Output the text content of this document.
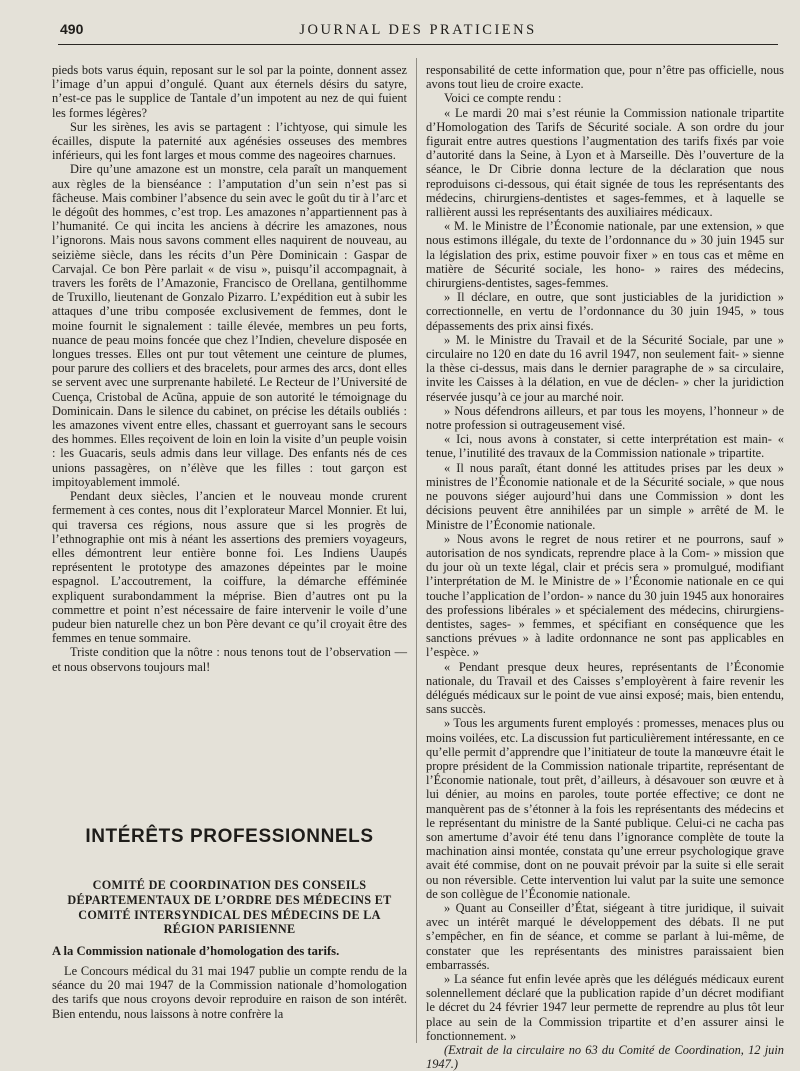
490	JOURNAL DES PRATICIENS

pieds bots varus équin, reposant sur le sol par la pointe, donnent assez l’image d’un appui d’ongulé. Quant aux éternels désirs du satyre, n’est-ce pas le supplice de Tantale d’un impotent au nez de qui fuient les formes légères?

Sur les sirènes, les avis se partagent : l’ichtyose, qui simule les écailles, dispute la paternité aux agénésies osseuses des membres inférieurs, qui les font larges et mous comme des nageoires charnues.

Dire qu’une amazone est un monstre, cela paraît un manquement aux règles de la bienséance : l’amputation d’un sein n’est pas si fâcheuse. Mais combiner l’absence du sein avec le goût du tir à l’arc et le dégoût des hommes, c’est trop. Les amazones n’appartiennent pas à l’humanité. Ce qui incita les anciens à décrire les amazones, nous l’ignorons. Mais nous savons comment elles naquirent de nouveau, au seizième siècle, dans les récits d’un Père Dominicain : Gaspar de Carvajal. Ce bon Père parlait « de visu », puisqu’il accompagnait, à travers les forêts de l’Amazonie, Francisco de Orellana, gentilhomme de Truxillo, lieutenant de Gonzalo Pizarro. L’expédition eut à subir les attaques d’une tribu composée exclusivement de femmes, dont le moine fournit le signalement : taille élevée, membres un peu forts, nuance de peau moins foncée que chez l’Indien, chevelure disposée en longues tresses. Elles ont pur tout vêtement une ceinture de plumes, pour parure des colliers et des bracelets, pour armes des arcs, dont elles se servent avec une surprenante habileté. Le Recteur de l’Université de Cuença, Cristobal de Acũna, appuie de son autorité le témoignage du Dominicain. Dans le silence du cabinet, on précise les détails oubliés : les amazones vivent entre elles, chassant et guerroyant sans le secours des hommes. Elles reçoivent de loin en loin la visite d’un peuple voisin : les Guacaris, seuls admis dans leur village. Des enfants nés de ces unions passagères, on n’élève que les filles : tout garçon est impitoyablement immolé.

Pendant deux siècles, l’ancien et le nouveau monde crurent fermement à ces contes, nous dit l’explorateur Marcel Monnier. Et lui, qui traversa ces régions, nous assure que si les progrès de l’ethnographie ont mis à néant les assertions des premiers voyageurs, elles démontrent leur entière bonne foi. Les Indiens Uaupés représentent le prototype des amazones dépeintes par le moine espagnol. L’accoutrement, la coiffure, la démarche efféminée expliquent surabondamment la méprise. Bien d’autres ont pu la commettre et point n’est nécessaire de faire intervenir le voile d’une pudeur bien naturelle chez un bon Père devant ce qu’il croyait être des femmes en tenue sommaire.

Triste condition que la nôtre : nous tenons tout de l’observation — et nous observons toujours mal!

INTÉRÊTS PROFESSIONNELS
COMITÉ DE COORDINATION DES CONSEILS DÉPARTEMENTAUX DE L’ORDRE DES MÉDECINS ET COMITÉ INTERSYNDICAL DES MÉDECINS DE LA RÉGION PARISIENNE
A la Commission nationale d’homologation des tarifs.

Le Concours médical du 31 mai 1947 publie un compte rendu de la séance du 20 mai 1947 de la Commission nationale d’homologation des tarifs que nous croyons devoir reproduire en raison de son intérêt. Bien entendu, nous laissons à notre confrère la

responsabilité de cette information que, pour n’être pas officielle, nous avons tout lieu de croire exacte.

Voici ce compte rendu :

« Le mardi 20 mai s’est réunie la Commission nationale tripartite d’Homologation des Tarifs de Sécurité sociale. A son ordre du jour figurait entre autres questions l’augmentation des tarifs fixés par voie d’autorité dans la Seine, à Lyon et à Marseille. Dès l’ouverture de la séance, le Dr Cibrie donna lecture de la déclaration que nous reproduisons ci-dessous, qui était signée de tous les représentants des médecins, chirurgiens-dentistes et sages-femmes, et à laquelle se rallièrent aussi les représentants des auxiliaires médicaux.

« M. le Ministre de l’Économie nationale, par une extension, » que nous estimons illégale, du texte de l’ordonnance du » 30 juin 1945 sur la législation des prix, estime pouvoir fixer » en tous cas et même en matière de Sécurité sociale, les hono- » raires des médecins, chirurgiens-dentistes, sages-femmes.

» Il déclare, en outre, que sont justiciables de la juridiction » correctionnelle, en vertu de l’ordonnance du 30 juin 1945, » tous dépassements des prix ainsi fixés.

» M. le Ministre du Travail et de la Sécurité Sociale, par une » circulaire no 120 en date du 16 avril 1947, non seulement fait- » sienne la thèse ci-dessus, mais dans le dernier paragraphe de » sa circulaire, invite les Caisses à la délation, en vue de déclen- » cher la juridiction réservée jusqu’à ce jour au marché noir.

» Nous défendrons ailleurs, et par tous les moyens, l’honneur » de notre profession si outrageusement visé.

« Ici, nous avons à constater, si cette interprétation est main- « tenue, l’inutilité des travaux de la Commission nationale » tripartite.

« Il nous paraît, étant donné les attitudes prises par les deux » ministres de l’Économie nationale et de la Sécurité sociale, » que nous ne pouvons siéger aujourd’hui dans une Commission » dont les décisions peuvent être annihilées par un simple » arrêté de M. le Ministre de l’Économie nationale.

» Nous avons le regret de nous retirer et ne pourrons, sauf » autorisation de nos syndicats, reprendre place à la Com- » mission que du jour où un texte légal, clair et précis sera » promulgué, modifiant l’interprétation de M. le Ministre de » l’Économie nationale en ce qui touche l’application de l’ordon- » nance du 30 juin 1945 aux honoraires des professions libérales » et spécialement des médecins, chirurgiens-dentistes, sages- » femmes, et spécifiant en conséquence que les sanctions prévues » à ladite ordonnance ne sont pas applicables en l’espèce. »

« Pendant presque deux heures, représentants de l’Économie nationale, du Travail et des Caisses s’employèrent à faire revenir les délégués médicaux sur le point de vue ainsi exposé; mais, bien entendu, sans succès.

» Tous les arguments furent employés : promesses, menaces plus ou moins voilées, etc. La discussion fut particulièrement intéressante, en ce qu’elle permit d’apprendre que l’initiateur de toute la manœuvre était le propre président de la Commission nationale tripartite, représentant de l’Économie nationale, tout prêt, d’ailleurs, à désavouer son œuvre et à lui dénier, au moins en paroles, toute portée effective; ce dont ne manquèrent pas de s’étonner à la fois les représentants des médecins et le représentant du ministre de la Santé publique. Celui-ci ne cacha pas son amertume d’avoir été tenu dans l’ignorance complète de toute la machination ainsi montée, constata qu’une erreur psychologique grave avait été commise, dont on ne pouvait prévoir par la suite si elle serait ou non réversible. Cette intervention lui valut par la suite une semonce de son collègue de l’Économie nationale.

» Quant au Conseiller d’État, siégeant à titre juridique, il suivait avec un intérêt marqué le développement des débats. Il ne put s’empêcher, en fin de séance, et comme se parlant à lui-même, de constater que les représentants des ministres paraissaient bien embarrassés.

» La séance fut enfin levée après que les délégués médicaux eurent solennellement déclaré que la publication rapide d’un décret modifiant le décret du 24 février 1947 leur permette de reprendre au plus tôt leur place au sein de la Commission tripartite et d’en assurer ainsi le fonctionnement. »

(Extrait de la circulaire no 63 du Comité de Coordination, 12 juin 1947.)
